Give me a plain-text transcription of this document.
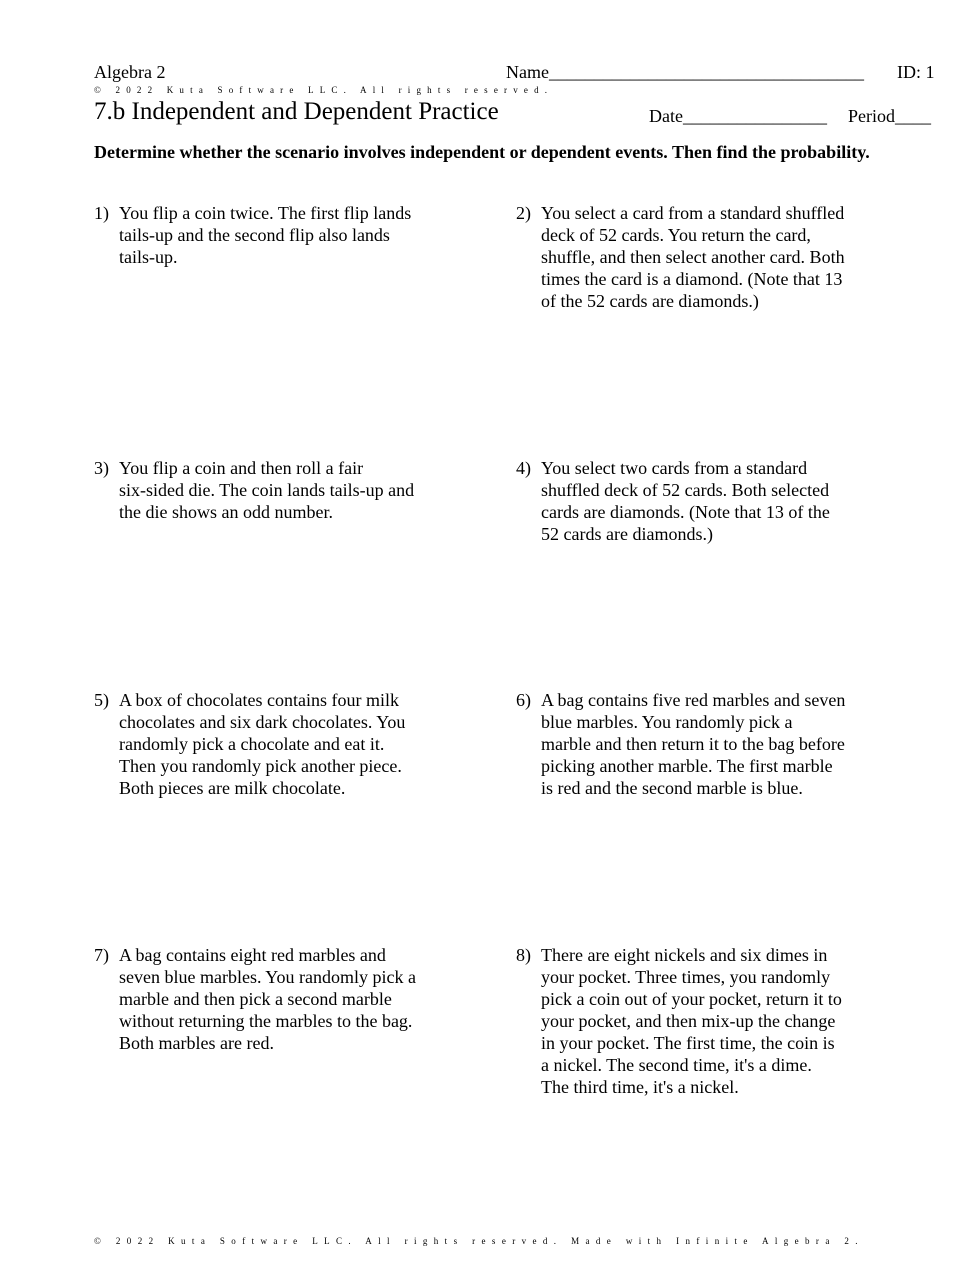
Algebra 2	Name___________________________________ ID: 1
© 2022 Kuta Software LLC. All rights reserved.
7.b Independent and Dependent Practice	Date________________ Period____
Determine whether the scenario involves independent or dependent events. Then find the probability.
1) You flip a coin twice. The first flip lands
tails-up and the second flip also lands
tails-up.
2) You select a card from a standard shuffled
deck of 52 cards. You return the card,
shuffle, and then select another card. Both
times the card is a diamond. (Note that 13
of the 52 cards are diamonds.)
3) You flip a coin and then roll a fair
six-sided die. The coin lands tails-up and
the die shows an odd number.
4) You select two cards from a standard
shuffled deck of 52 cards. Both selected
cards are diamonds. (Note that 13 of the
52 cards are diamonds.)
5) A box of chocolates contains four milk
chocolates and six dark chocolates. You
randomly pick a chocolate and eat it.
Then you randomly pick another piece.
Both pieces are milk chocolate.
6) A bag contains five red marbles and seven
blue marbles. You randomly pick a
marble and then return it to the bag before
picking another marble. The first marble
is red and the second marble is blue.
7) A bag contains eight red marbles and
seven blue marbles. You randomly pick a
marble and then pick a second marble
without returning the marbles to the bag.
Both marbles are red.
8) There are eight nickels and six dimes in
your pocket. Three times, you randomly
pick a coin out of your pocket, return it to
your pocket, and then mix-up the change
in your pocket. The first time, the coin is
a nickel. The second time, it's a dime.
The third time, it's a nickel.
© 2022 Kuta Software LLC. All rights reserved. Made with Infinite Algebra 2.
